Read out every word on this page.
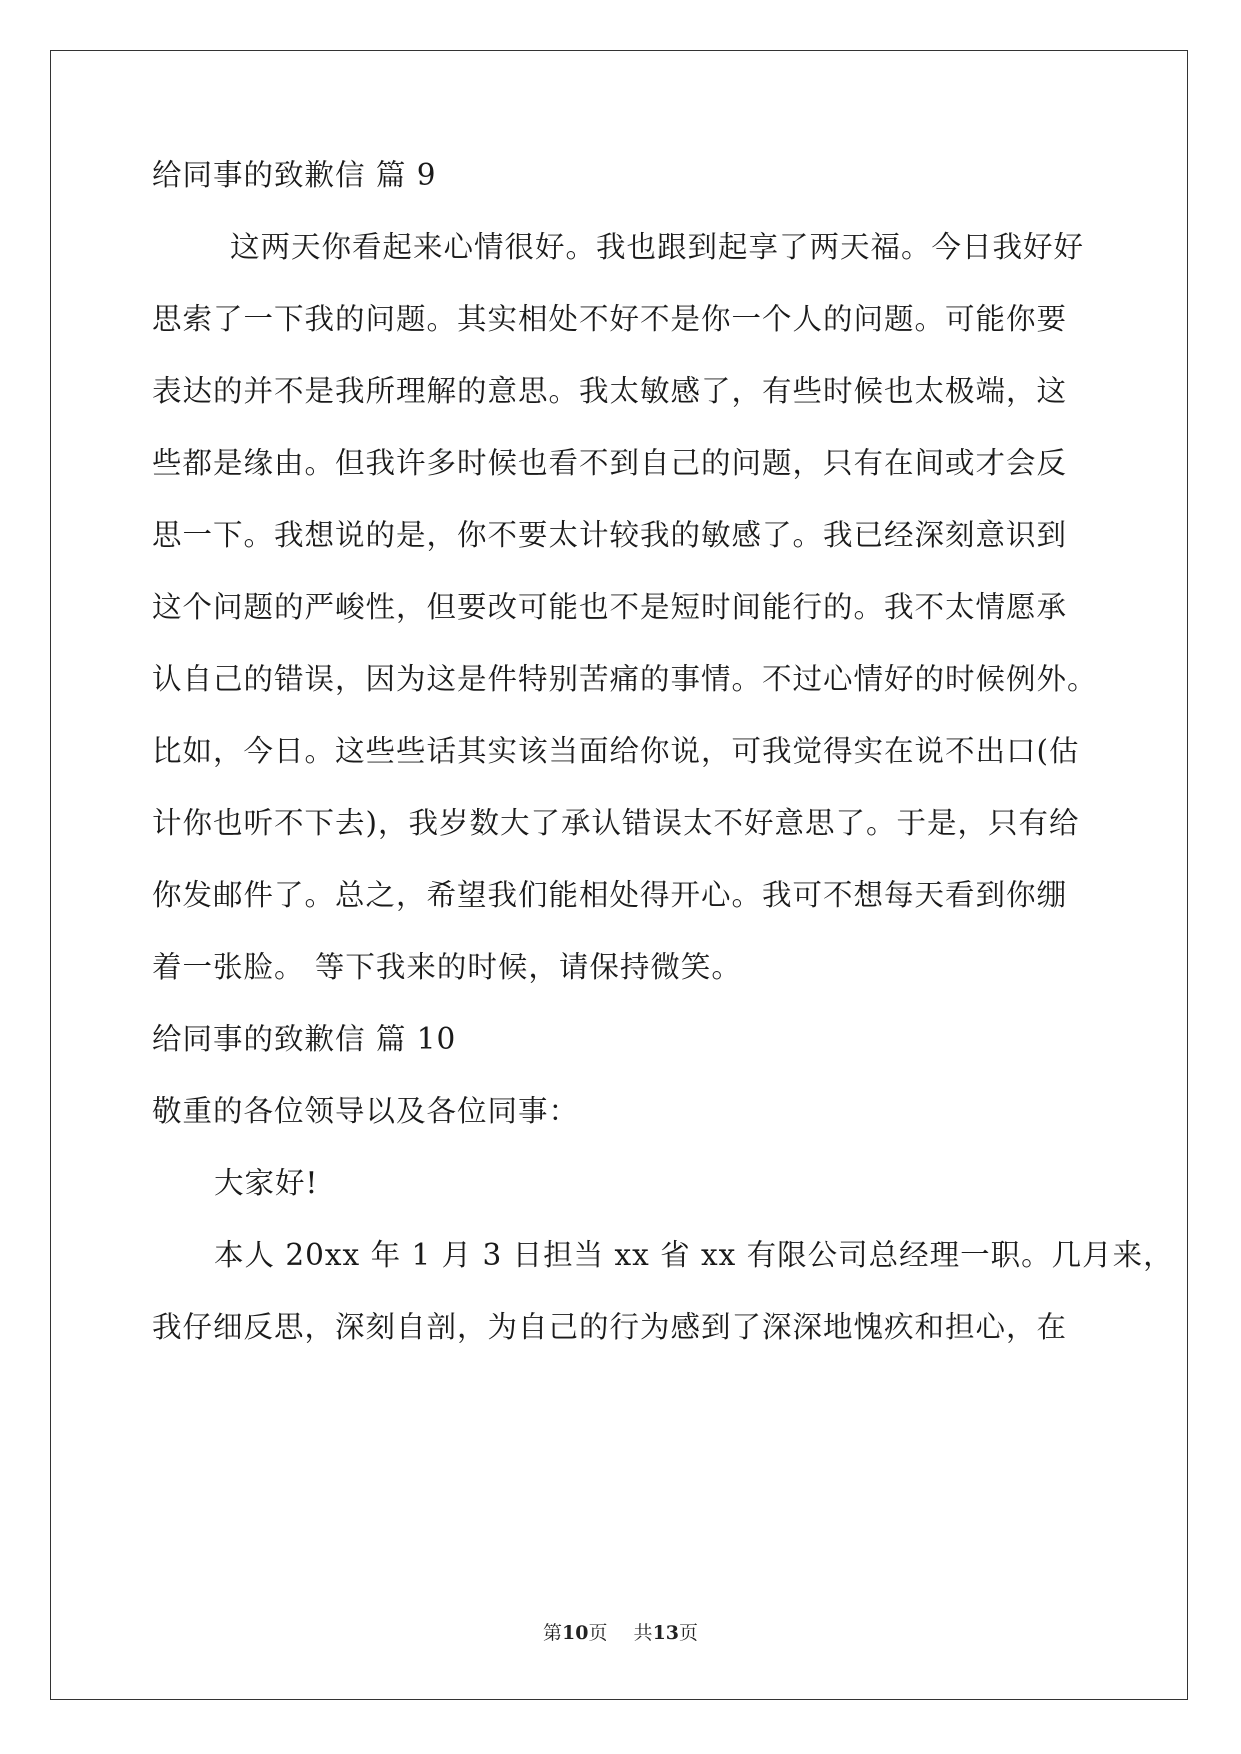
给同事的致歉信 篇 9
这两天你看起来心情很好。我也跟到起享了两天福。今日我好好
思索了一下我的问题。其实相处不好不是你一个人的问题。可能你要
表达的并不是我所理解的意思。我太敏感了，有些时候也太极端，这
些都是缘由。但我许多时候也看不到自己的问题，只有在间或才会反
思一下。我想说的是，你不要太计较我的敏感了。我已经深刻意识到
这个问题的严峻性，但要改可能也不是短时间能行的。我不太情愿承
认自己的错误，因为这是件特别苦痛的事情。不过心情好的时候例外。
比如，今日。这些些话其实该当面给你说，可我觉得实在说不出口(估
计你也听不下去)，我岁数大了承认错误太不好意思了。于是，只有给
你发邮件了。总之，希望我们能相处得开心。我可不想每天看到你绷
着一张脸。 等下我来的时候，请保持微笑。
给同事的致歉信 篇 10
敬重的各位领导以及各位同事：
大家好!
本人 20xx 年 1 月 3 日担当 xx 省 xx 有限公司总经理一职。几月来，
我仔细反思，深刻自剖，为自己的行为感到了深深地愧疚和担心，在
第10页 共13页
